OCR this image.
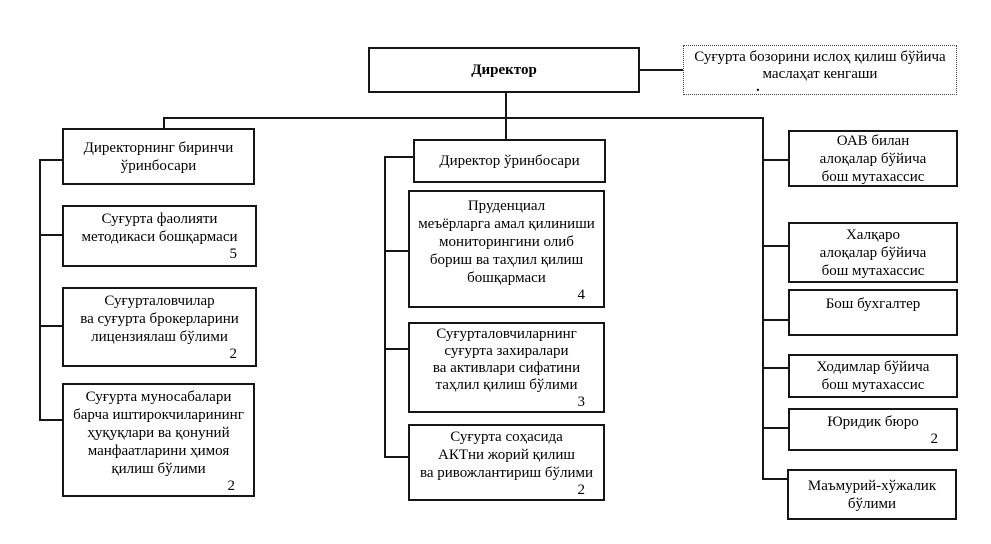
Директор
Суғурта бозорини ислоҳ қилиш бўйича
маслаҳат кенгаши
.
Директорнинг биринчи
ўринбосари
Суғурта фаолияти
методикаси бошқармаси
5
Суғурталовчилар
ва суғурта брокерларини
лицензиялаш бўлими
2
Суғурта муносабалари
барча иштирокчиларининг
ҳуқуқлари ва қонуний
манфаатларини ҳимоя
қилиш бўлими
2
Директор ўринбосари
Пруденциал
меъёрларга амал қилиниши
мониторингини олиб
бориш ва таҳлил қилиш
бошқармаси
4
Суғурталовчиларнинг
суғурта захиралари
ва активлари сифатини
таҳлил қилиш бўлими
3
Суғурта соҳасида
АКТни жорий қилиш
ва ривожлантириш бўлими
2
ОАВ билан
алоқалар бўйича
бош мутахассис
Халқаро
алоқалар бўйича
бош мутахассис
Бош бухгалтер
Ходимлар бўйича
бош мутахассис
Юридик бюро
2
Маъмурий-хўжалик
бўлими
